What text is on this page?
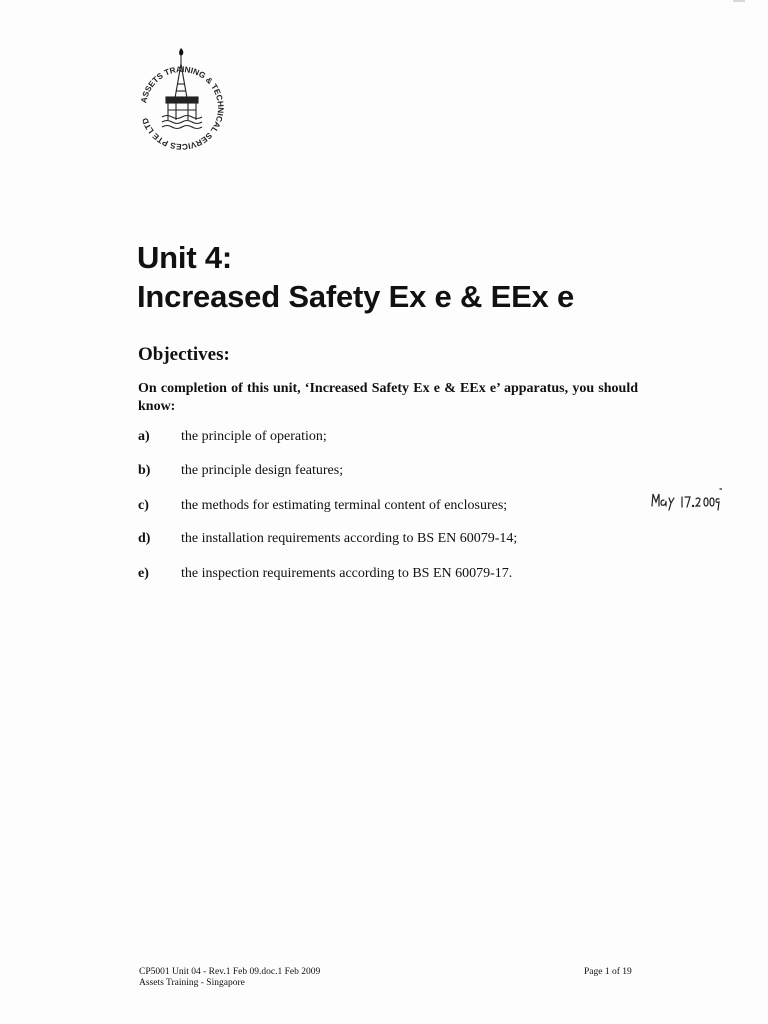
ASSETS TRAINING & TECHNICAL SERVICES PTE LTD
Unit 4:
Increased Safety Ex e & EEx e
Objectives:

On completion of this unit, ‘Increased Safety Ex e & EEx e’ apparatus, you should know:

a)	the principle of operation;
b)	the principle design features;
c)	the methods for estimating terminal content of enclosures;
d)	the installation requirements according to BS EN 60079-14;
e)	the inspection requirements according to BS EN 60079-17.
CP5001 Unit 04 - Rev.1 Feb 09.doc.1 Feb 2009
Assets Training - Singapore
Page 1 of 19
